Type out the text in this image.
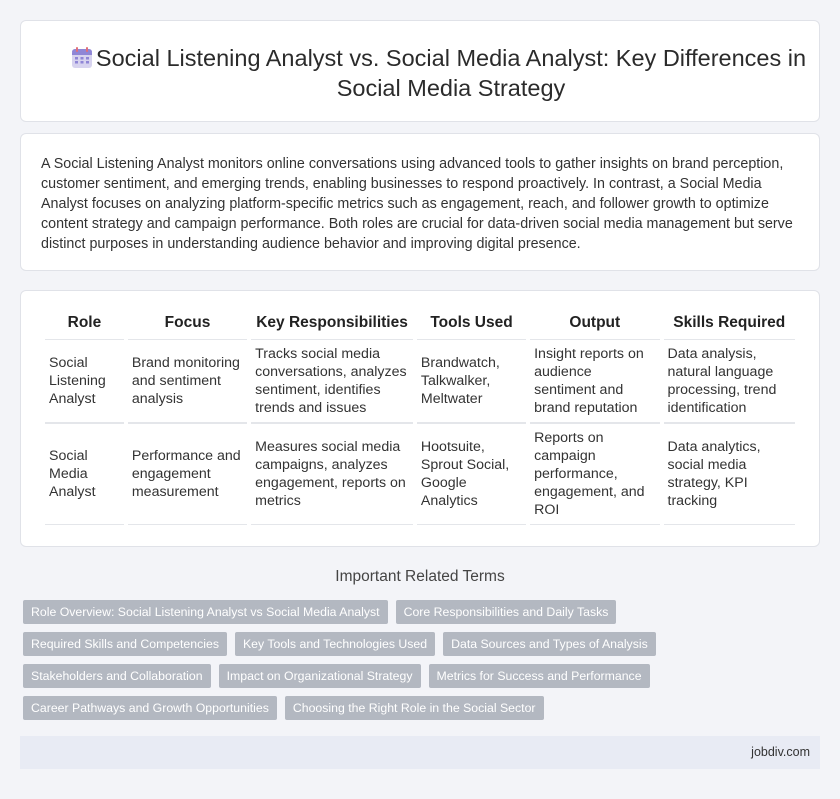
Social Listening Analyst vs. Social Media Analyst: Key Differences in Social Media Strategy

A Social Listening Analyst monitors online conversations using advanced tools to gather insights on brand perception, customer sentiment, and emerging trends, enabling businesses to respond proactively. In contrast, a Social Media Analyst focuses on analyzing platform-specific metrics such as engagement, reach, and follower growth to optimize content strategy and campaign performance. Both roles are crucial for data-driven social media management but serve distinct purposes in understanding audience behavior and improving digital presence.

Role	Focus	Key Responsibilities	Tools Used	Output	Skills Required
Social Listening Analyst	Brand monitoring and sentiment analysis	Tracks social media conversations, analyzes sentiment, identifies trends and issues	Brandwatch, Talkwalker, Meltwater	Insight reports on audience sentiment and brand reputation	Data analysis, natural language processing, trend identification
Social Media Analyst	Performance and engagement measurement	Measures social media campaigns, analyzes engagement, reports on metrics	Hootsuite, Sprout Social, Google Analytics	Reports on campaign performance, engagement, and ROI	Data analytics, social media strategy, KPI tracking
Important Related Terms
Role Overview: Social Listening Analyst vs Social Media Analyst	Core Responsibilities and Daily Tasks
Required Skills and Competencies	Key Tools and Technologies Used	Data Sources and Types of Analysis
Stakeholders and Collaboration	Impact on Organizational Strategy	Metrics for Success and Performance
Career Pathways and Growth Opportunities	Choosing the Right Role in the Social Sector
jobdiv.com
